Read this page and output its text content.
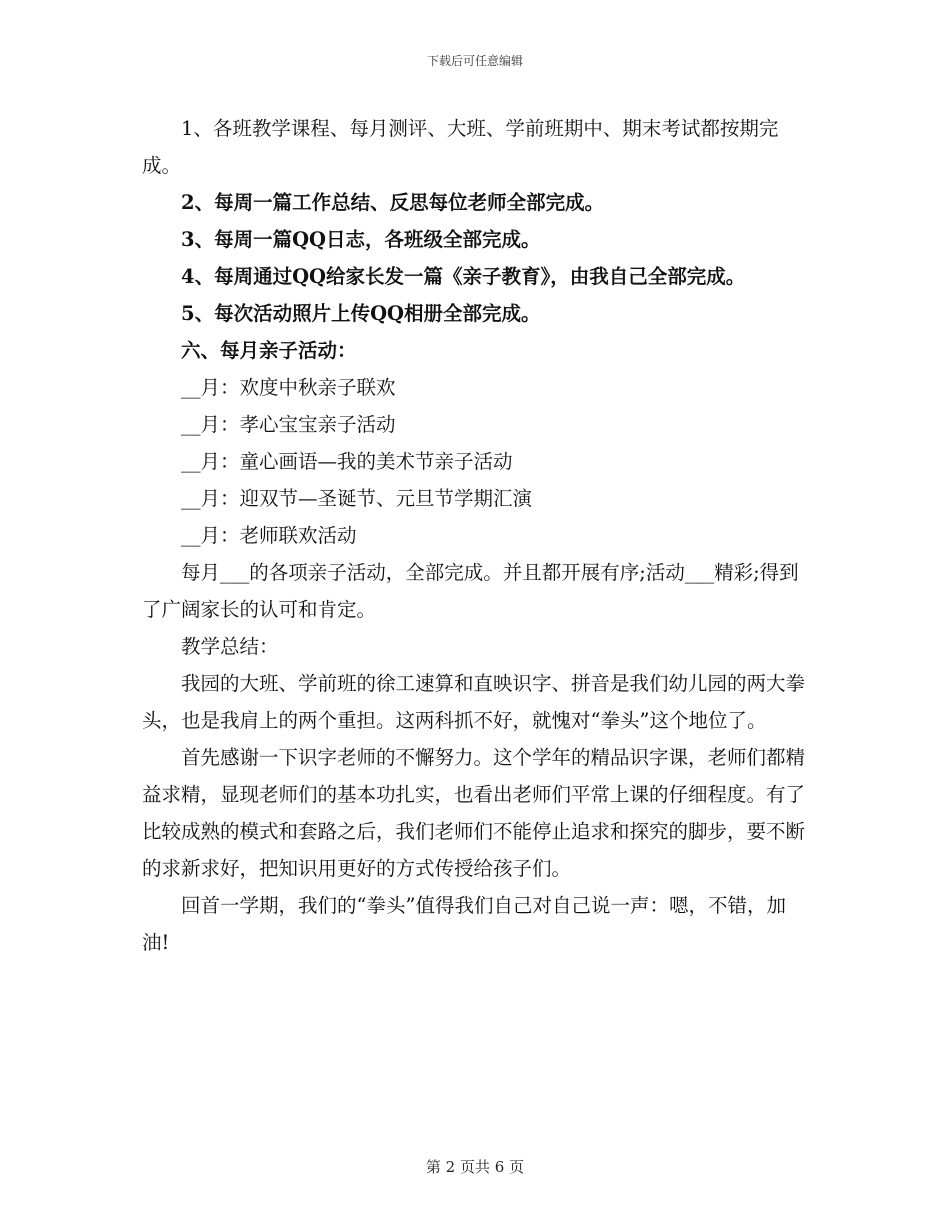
下载后可任意编辑

1、各班教学课程、每月测评、大班、学前班期中、期末考试都按期完成。

2、每周一篇工作总结、反思每位老师全部完成。

3、每周一篇QQ日志，各班级全部完成。

4、每周通过QQ给家长发一篇《亲子教育》，由我自己全部完成。

5、每次活动照片上传QQ相册全部完成。

六、每月亲子活动：

__月：欢度中秋亲子联欢

__月：孝心宝宝亲子活动

__月：童心画语—我的美术节亲子活动

__月：迎双节—圣诞节、元旦节学期汇演

__月：老师联欢活动

每月___的各项亲子活动，全部完成。并且都开展有序;活动___精彩;得到了广阔家长的认可和肯定。

教学总结：

我园的大班、学前班的徐工速算和直映识字、拼音是我们幼儿园的两大拳头，也是我肩上的两个重担。这两科抓不好，就愧对“拳头”这个地位了。

首先感谢一下识字老师的不懈努力。这个学年的精品识字课，老师们都精益求精，显现老师们的基本功扎实，也看出老师们平常上课的仔细程度。有了比较成熟的模式和套路之后，我们老师们不能停止追求和探究的脚步，要不断的求新求好，把知识用更好的方式传授给孩子们。

回首一学期，我们的“拳头”值得我们自己对自己说一声：嗯，不错，加油!

第 2 页共 6 页
